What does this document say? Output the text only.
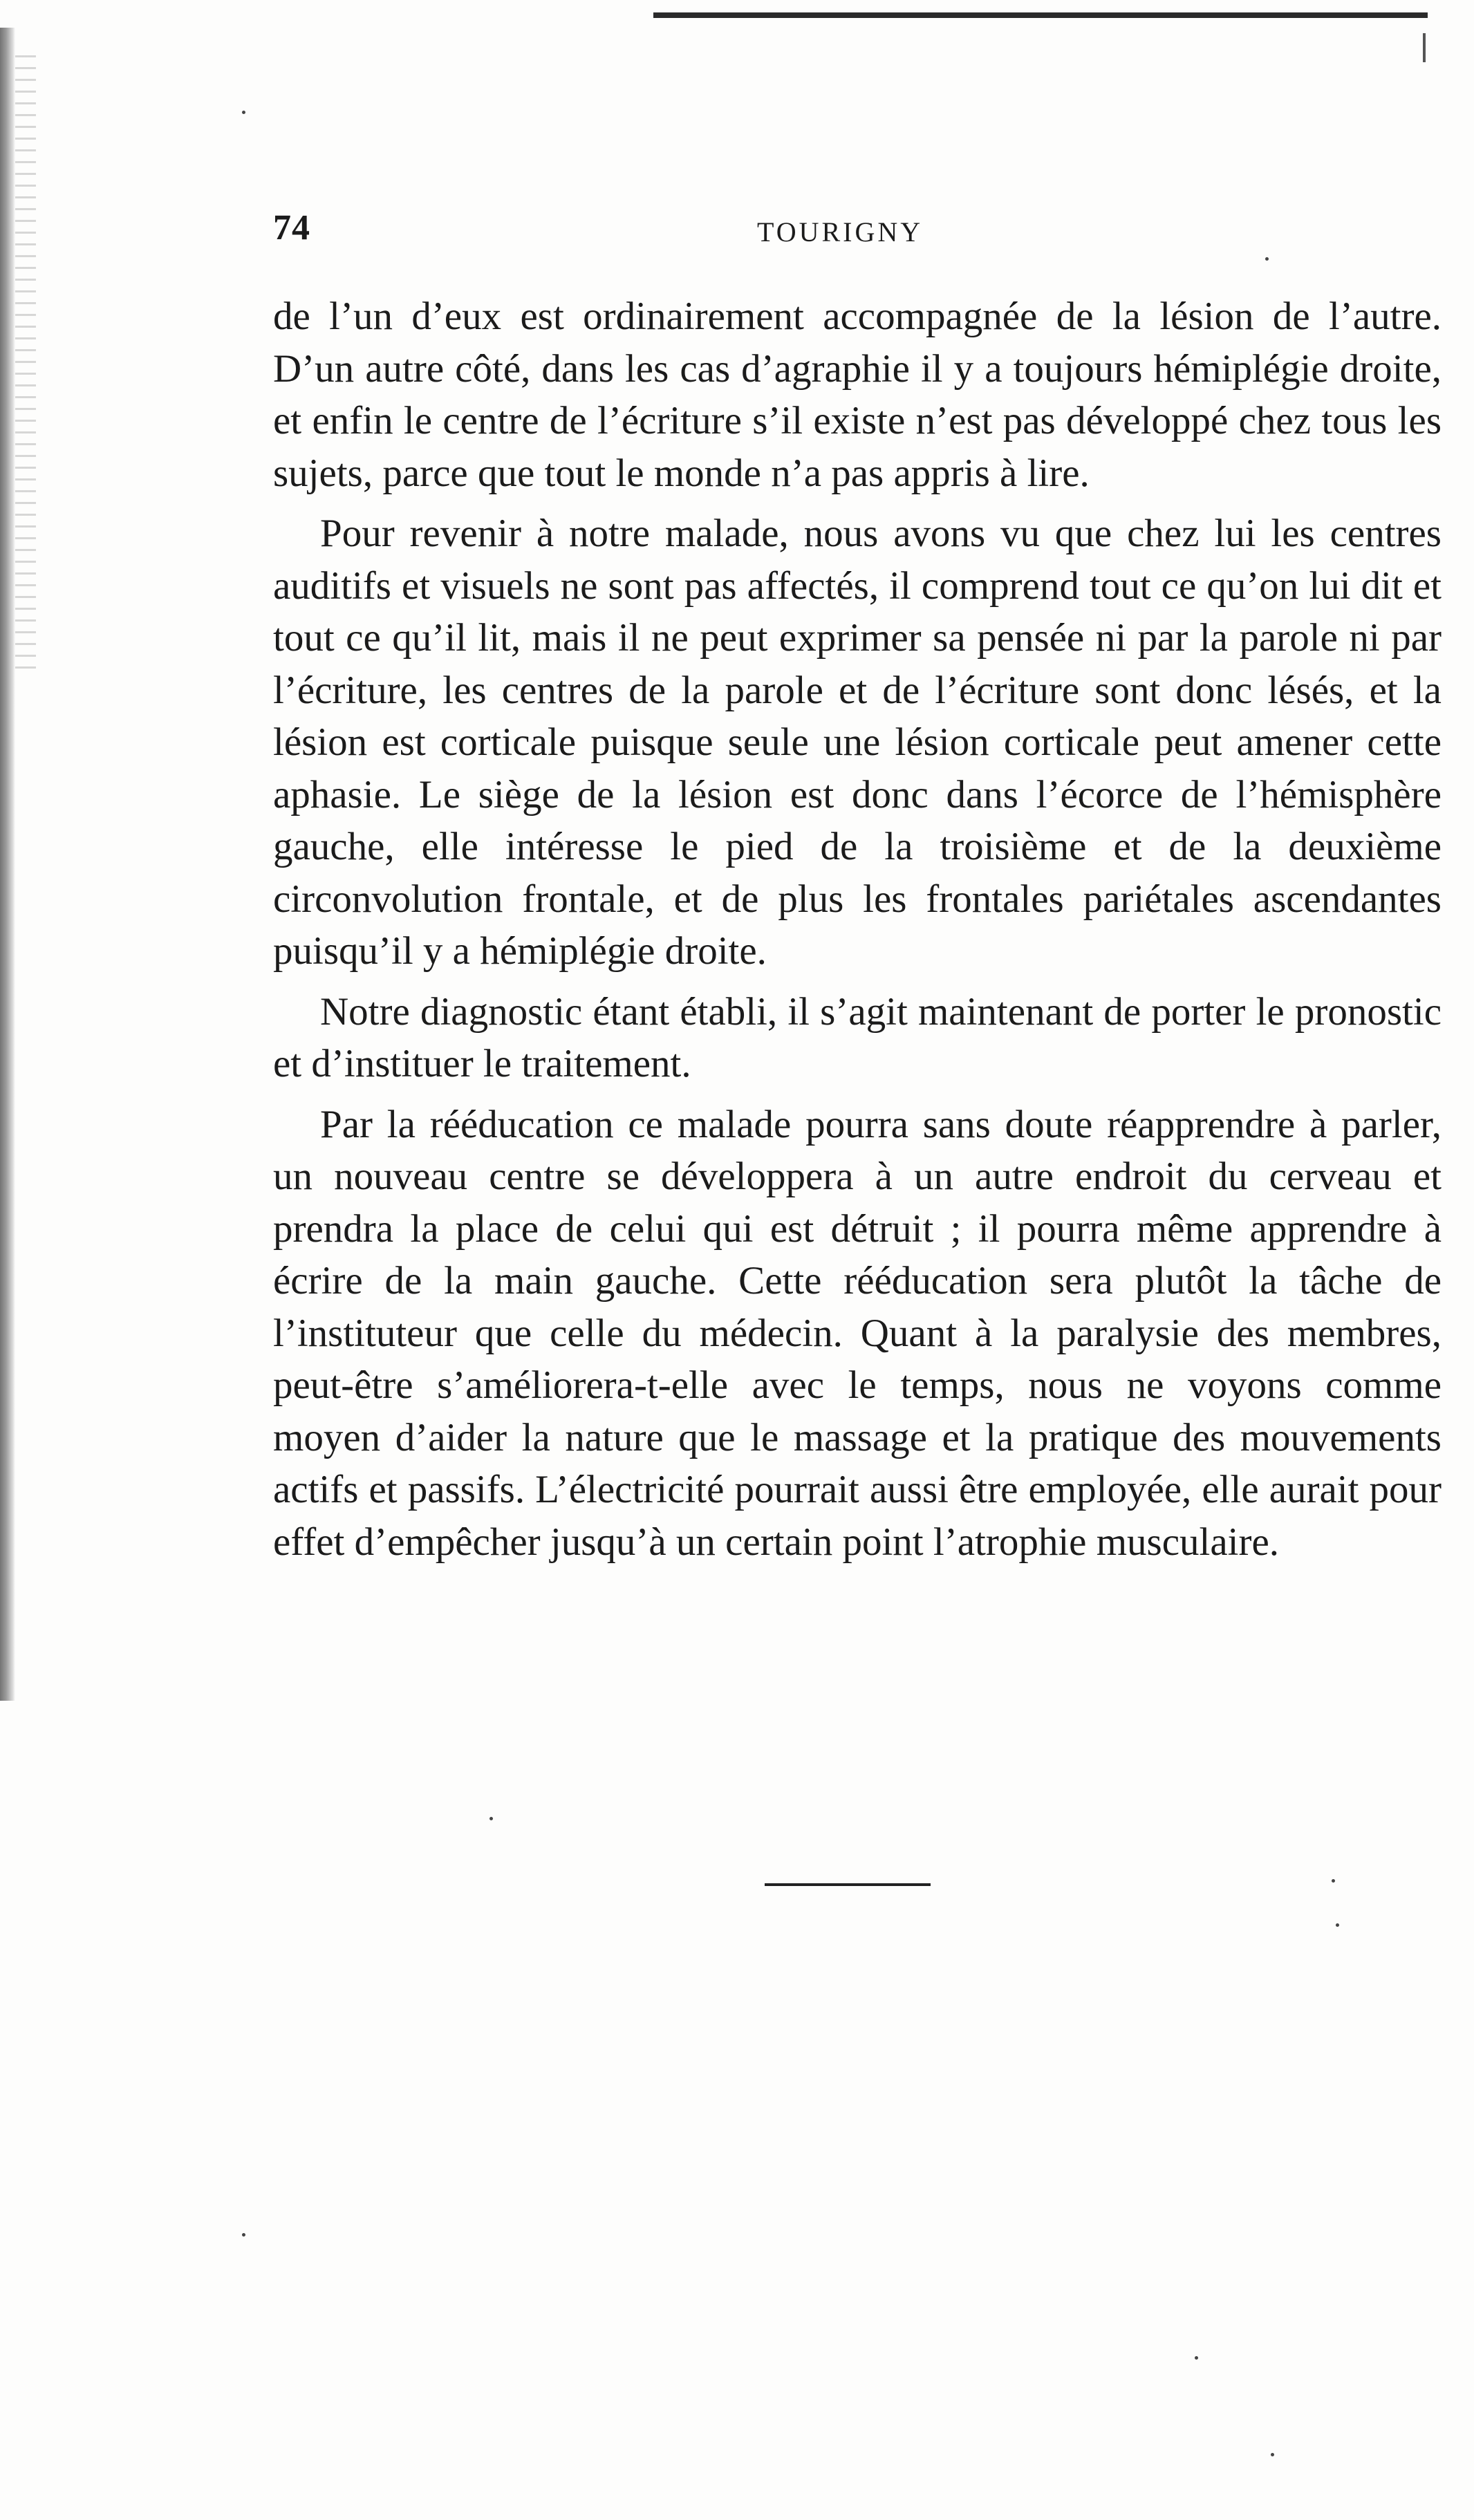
74	TOURIGNY

de l’un d’eux est ordinairement accompagnée de la lésion de l’autre. D’un autre côté, dans les cas d’agraphie il y a toujours hémiplégie droite, et enfin le centre de l’écriture s’il existe n’est pas développé chez tous les sujets, parce que tout le monde n’a pas appris à lire.

Pour revenir à notre malade, nous avons vu que chez lui les centres auditifs et visuels ne sont pas affectés, il comprend tout ce qu’on lui dit et tout ce qu’il lit, mais il ne peut exprimer sa pensée ni par la parole ni par l’écriture, les centres de la parole et de l’écriture sont donc lésés, et la lésion est corticale puisque seule une lésion corticale peut amener cette aphasie. Le siège de la lésion est donc dans l’écorce de l’hémisphère gauche, elle intéresse le pied de la troisième et de la deuxième circonvolution frontale, et de plus les frontales pariétales ascendantes puisqu’il y a hémiplégie droite.

Notre diagnostic étant établi, il s’agit maintenant de porter le pronostic et d’instituer le traitement.

Par la rééducation ce malade pourra sans doute réapprendre à parler, un nouveau centre se développera à un autre endroit du cerveau et prendra la place de celui qui est détruit ; il pourra même apprendre à écrire de la main gauche. Cette rééducation sera plutôt la tâche de l’instituteur que celle du médecin. Quant à la paralysie des membres, peut-être s’améliorera-t-elle avec le temps, nous ne voyons comme moyen d’aider la nature que le massage et la pratique des mouvements actifs et passifs. L’électricité pourrait aussi être employée, elle aurait pour effet d’empêcher jusqu’à un certain point l’atrophie musculaire.
